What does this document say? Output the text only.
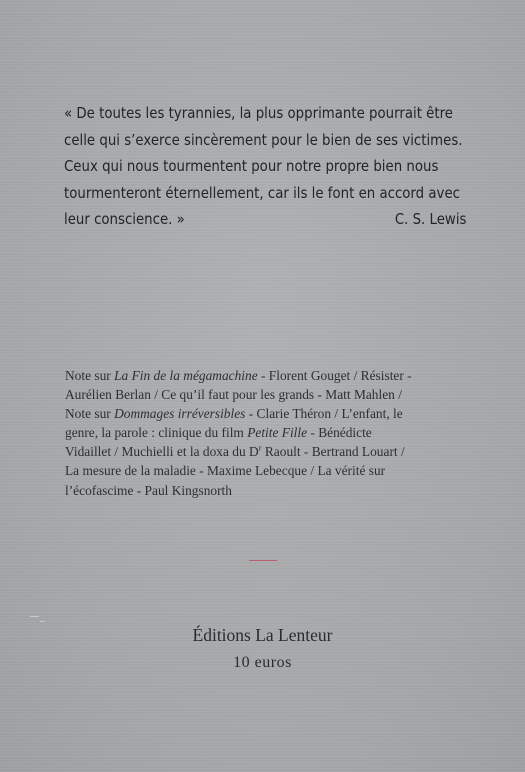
« De toutes les tyrannies, la plus opprimante pourrait être
celle qui s’exerce sincèrement pour le bien de ses victimes.
Ceux qui nous tourmentent pour notre propre bien nous
tourmenteront éternellement, car ils le font en accord avec
leur conscience. »	C. S. Lewis
Note sur La Fin de la mégamachine - Florent Gouget / Résister -
Aurélien Berlan / Ce qu’il faut pour les grands - Matt Mahlen /
Note sur Dommages irréversibles - Clarie Théron / L’enfant, le
genre, la parole : clinique du film Petite Fille - Bénédicte
Vidaillet / Muchielli et la doxa du $D^r$ Raoult - Bertrand Louart /
La mesure de la maladie - Maxime Lebecque / La vérité sur
l’écofascime - Paul Kingsnorth
Éditions La Lenteur
10 euros
